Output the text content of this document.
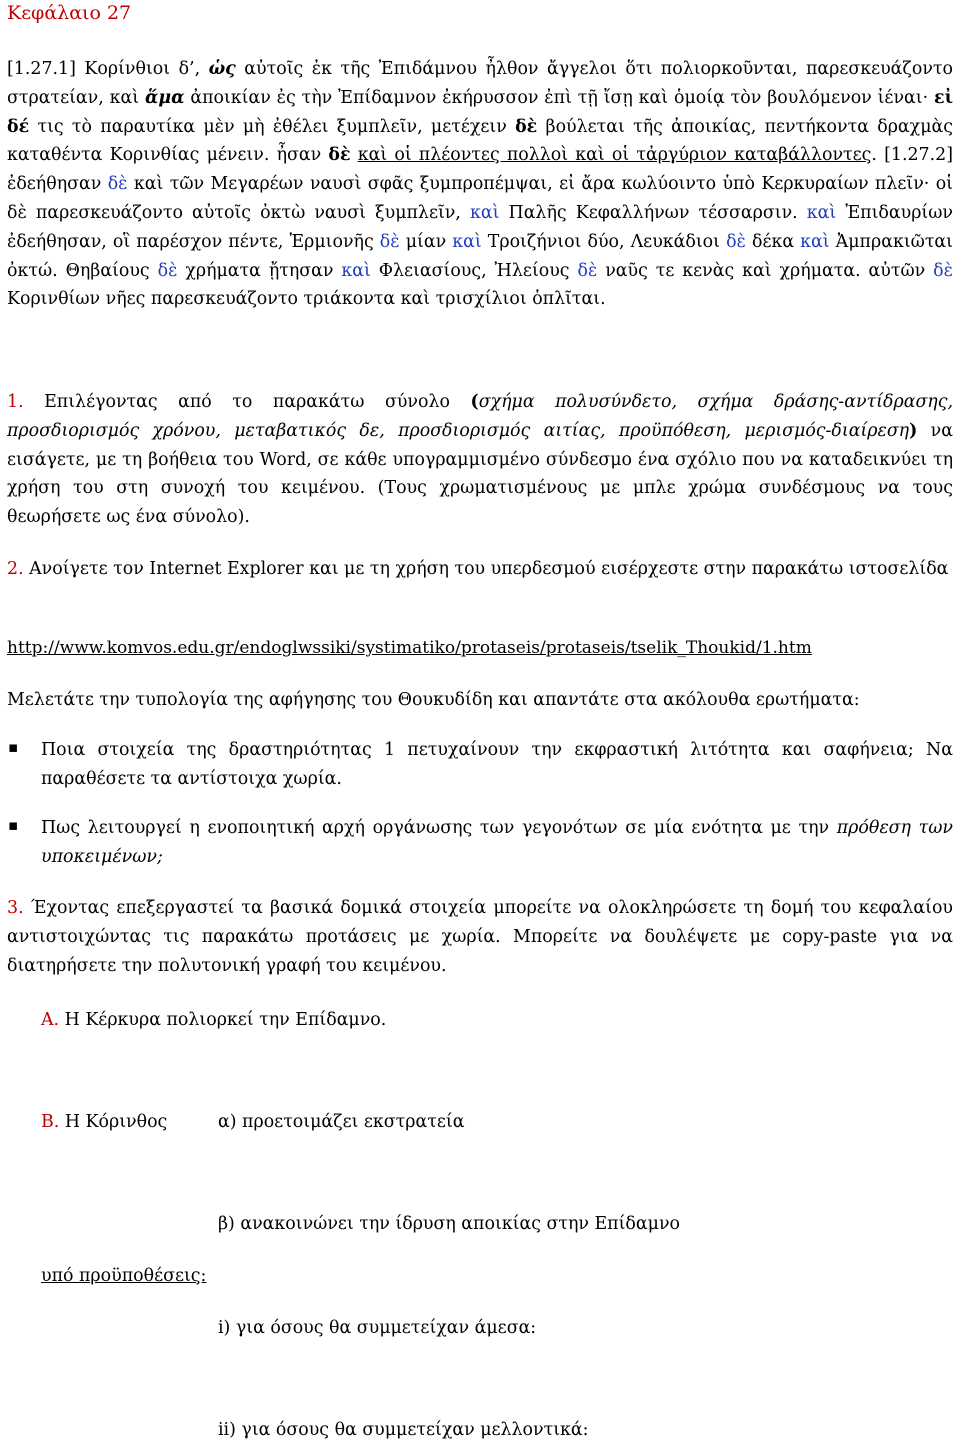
Κεφάλαιο 27
[1.27.1] Κορίνθιοι δ’, ὡς αὐτοῖς ἐκ τῆς Ἐπιδάμνου ἦλθον ἄγγελοι ὅτι πολιορκοῦνται, παρεσκευάζοντο στρατείαν, καὶ ἅμα ἀποικίαν ἐς τὴν Ἐπίδαμνον ἐκήρυσσον ἐπὶ τῇ ἴσῃ καὶ ὁμοίᾳ τὸν βουλόμενον ἰέναι· εἰ δέ τις τὸ παραυτίκα μὲν μὴ ἐθέλει ξυμπλεῖν, μετέχειν δὲ βούλεται τῆς ἀποικίας, πεντήκοντα δραχμὰς καταθέντα Κορινθίας μένειν. ἦσαν δὲ καὶ οἱ πλέοντες πολλοὶ καὶ οἱ τἀργύριον καταβάλλοντες. [1.27.2] ἐδεήθησαν δὲ καὶ τῶν Μεγαρέων ναυσὶ σφᾶς ξυμπροπέμψαι, εἰ ἄρα κωλύοιντο ὑπὸ Κερκυραίων πλεῖν· οἱ δὲ παρεσκευάζοντο αὐτοῖς ὀκτὼ ναυσὶ ξυμπλεῖν, καὶ Παλῆς Κεφαλλήνων τέσσαρσιν. καὶ Ἐπιδαυρίων ἐδεήθησαν, οἳ παρέσχον πέντε, Ἑρμιονῆς δὲ μίαν καὶ Τροιζήνιοι δύο, Λευκάδιοι δὲ δέκα καὶ Ἀμπρακιῶται ὀκτώ. Θηβαίους δὲ χρήματα ᾔτησαν καὶ Φλειασίους, Ἠλείους δὲ ναῦς τε κενὰς καὶ χρήματα. αὐτῶν δὲ Κορινθίων νῆες παρεσκευάζοντο τριάκοντα καὶ τρισχίλιοι ὁπλῖται.
1. Επιλέγοντας από το παρακάτω σύνολο (σχήμα πολυσύνδετο, σχήμα δράσης-αντίδρασης, προσδιορισμός χρόνου, μεταβατικός δε, προσδιορισμός αιτίας, προϋπόθεση, μερισμός-διαίρεση) να εισάγετε, με τη βοήθεια του Word, σε κάθε υπογραμμισμένο σύνδεσμο ένα σχόλιο που να καταδεικνύει τη χρήση του στη συνοχή του κειμένου. (Τους χρωματισμένους με μπλε χρώμα συνδέσμους να τους θεωρήσετε ως ένα σύνολο).
2. Ανοίγετε τον Internet Explorer και με τη χρήση του υπερδεσμού εισέρχεστε στην παρακάτω ιστοσελίδα
http://www.komvos.edu.gr/endoglwssiki/systimatiko/protaseis/protaseis/tselik_Thoukid/1.htm
Μελετάτε την τυπολογία της αφήγησης του Θουκυδίδη και απαντάτε στα ακόλουθα ερωτήματα:
▪ Ποια στοιχεία της δραστηριότητας 1 πετυχαίνουν την εκφραστική λιτότητα και σαφήνεια; Να παραθέσετε τα αντίστοιχα χωρία.
▪ Πως λειτουργεί η ενοποιητική αρχή οργάνωσης των γεγονότων σε μία ενότητα με την πρόθεση των υποκειμένων;
3. Έχοντας επεξεργαστεί τα βασικά δομικά στοιχεία μπορείτε να ολοκληρώσετε τη δομή του κεφαλαίου αντιστοιχώντας τις παρακάτω προτάσεις με χωρία. Μπορείτε να δουλέψετε με copy-paste για να διατηρήσετε την πολυτονική γραφή του κειμένου.
Α. Η Κέρκυρα πολιορκεί την Επίδαμνο.
Β. Η Κόρινθος	α) προετοιμάζει εκστρατεία
β) ανακοινώνει την ίδρυση αποικίας στην Επίδαμνο
υπό προϋποθέσεις:
i) για όσους θα συμμετείχαν άμεσα:
ii) για όσους θα συμμετείχαν μελλοντικά:
